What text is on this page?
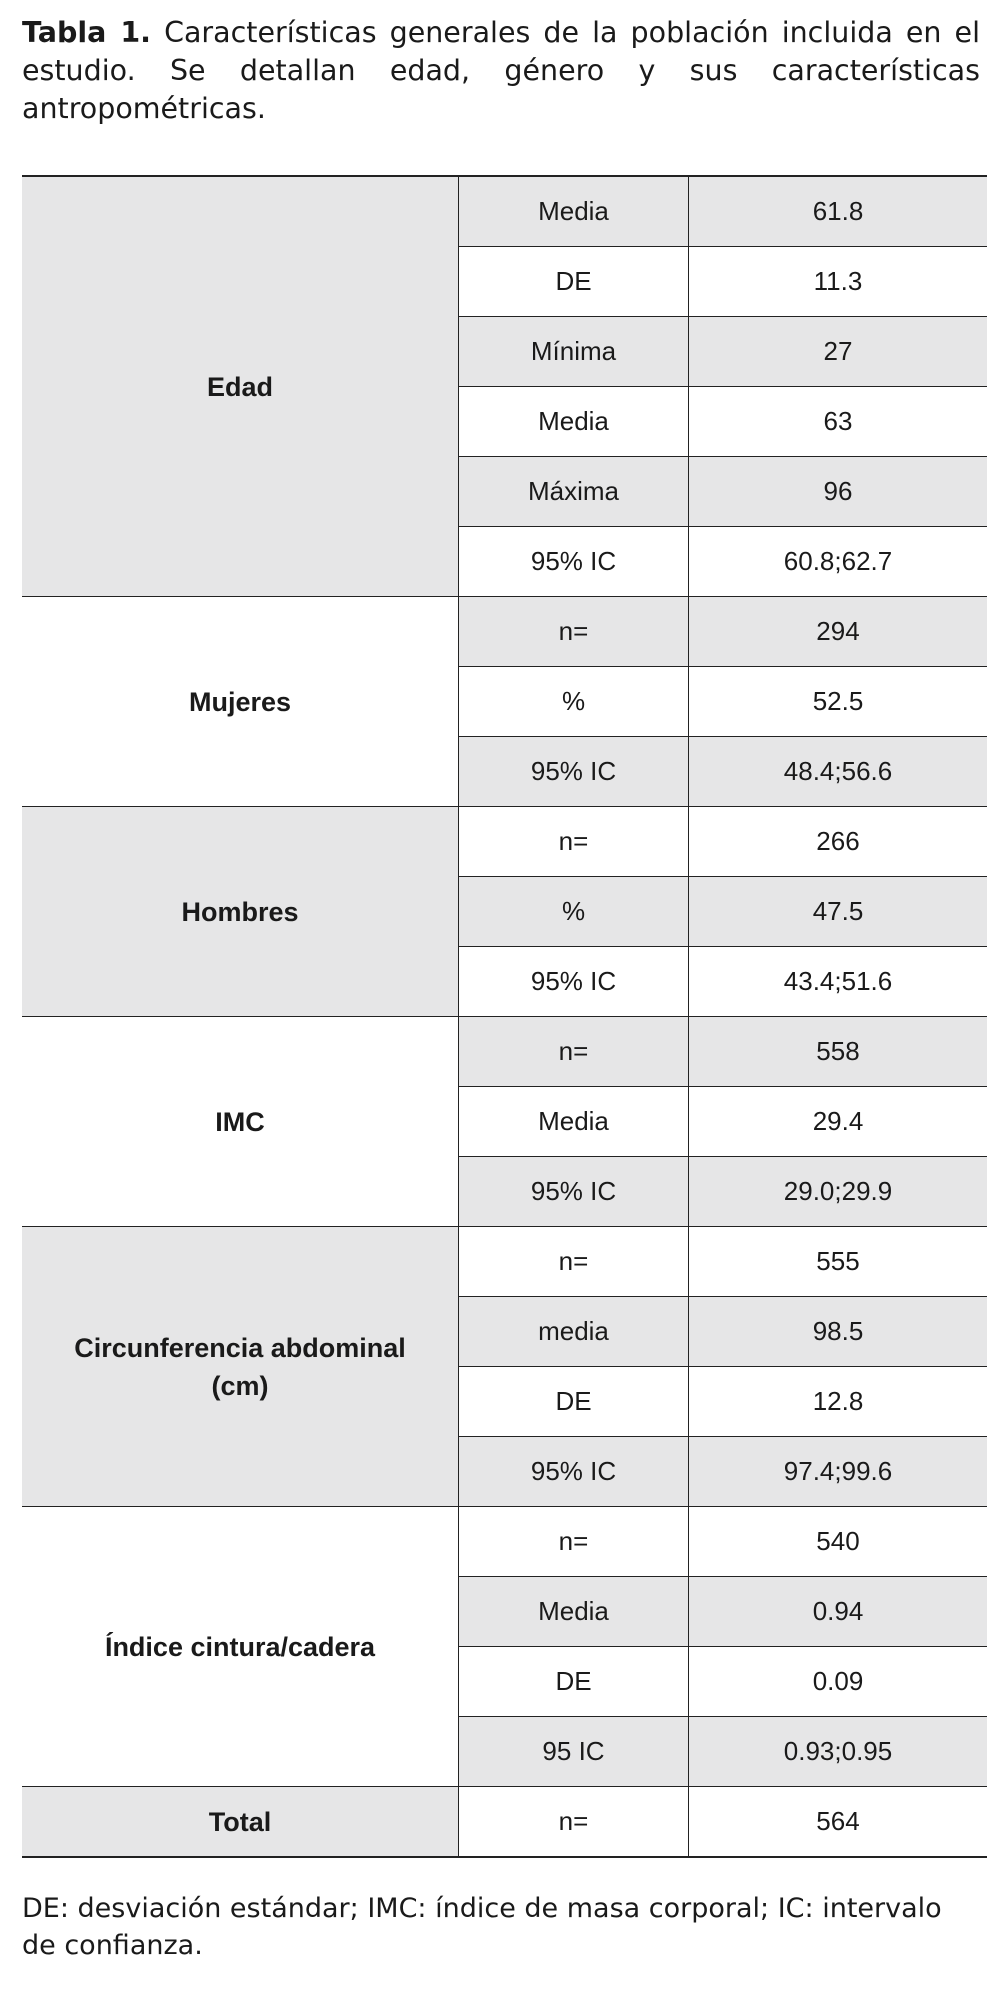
Tabla 1. Características generales de la población incluida en el estudio. Se detallan edad, género y sus características antropométricas.

Edad	Media	61.8
	DE	11.3
	Mínima	27
	Media	63
	Máxima	96
	95% IC	60.8;62.7
Mujeres	n=	294
	%	52.5
	95% IC	48.4;56.6
Hombres	n=	266
	%	47.5
	95% IC	43.4;51.6
IMC	n=	558
	Media	29.4
	95% IC	29.0;29.9
Circunferencia abdominal (cm)	n=	555
	media	98.5
	DE	12.8
	95% IC	97.4;99.6
Índice cintura/cadera	n=	540
	Media	0.94
	DE	0.09
	95 IC	0.93;0.95
Total	n=	564

DE: desviación estándar; IMC: índice de masa corporal; IC: intervalo de confianza.
